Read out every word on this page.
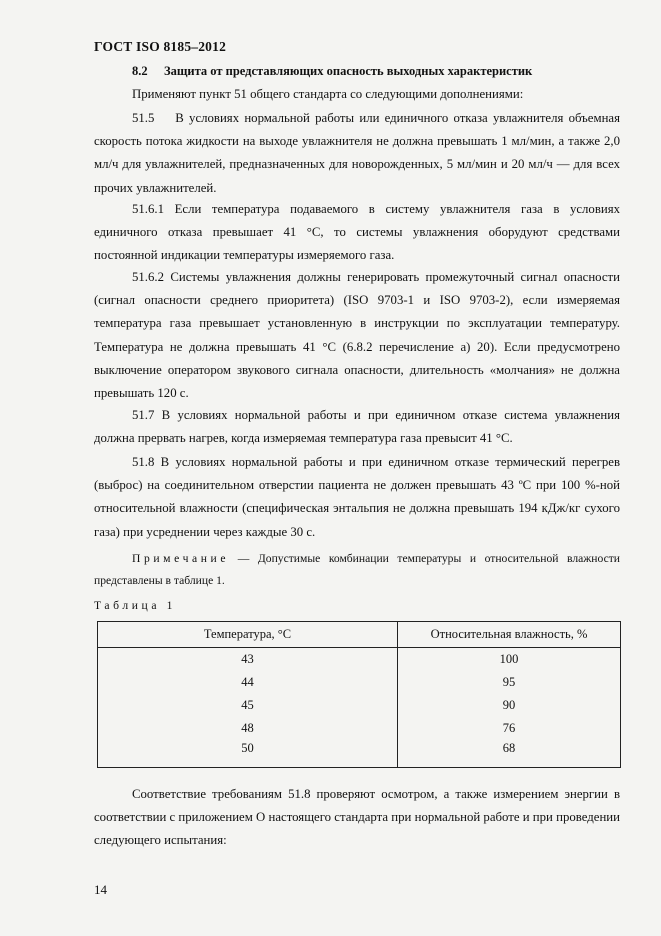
ГОСТ ISO 8185–2012
8.2 Защита от представляющих опасность выходных характеристик

Применяют пункт 51 общего стандарта со следующими дополнениями:

51.5    В условиях нормальной работы или единичного отказа увлажнителя объемная скорость потока жидкости на выходе увлажнителя не должна превышать 1 мл/мин, а также 2,0 мл/ч для увлажнителей, предназначенных для новорожденных, 5 мл/мин и 20 мл/ч — для всех прочих увлажнителей.

51.6.1 Если температура подаваемого в систему увлажнителя газа в условиях единичного отказа превышает 41 °С, то системы увлажнения оборудуют средствами постоянной индикации температуры измеряемого газа.

51.6.2 Системы увлажнения должны генерировать промежуточный сигнал опасности (сигнал опасности среднего приоритета) (ISO 9703-1 и ISO 9703-2), если измеряемая температура газа превышает установленную в инструкции по эксплуатации температуру. Температура не должна превышать 41 °С (6.8.2 перечисление а) 20). Если предусмотрено выключение оператором звукового сигнала опасности, длительность «молчания» не должна превышать 120 с.

51.7 В условиях нормальной работы и при единичном отказе система увлажнения должна прервать нагрев, когда измеряемая температура газа превысит 41 °С.

51.8 В условиях нормальной работы и при единичном отказе термический перегрев (выброс) на соединительном отверстии пациента не должен превышать 43 ºС при 100 %-ной относительной влажности (специфическая энтальпия не должна превышать 194 кДж/кг сухого газа) при усреднении через каждые 30 с.

Примечание — Допустимые комбинации температуры и относительной влажности представлены в таблице 1.

Таблица 1
Температура, °С	Относительная влажность, %
43	100
44	95
45	90
48	76
50	68

Соответствие требованиям 51.8 проверяют осмотром, а также измерением энергии в соответствии с приложением О настоящего стандарта при нормальной работе и при проведении следующего испытания:

14
